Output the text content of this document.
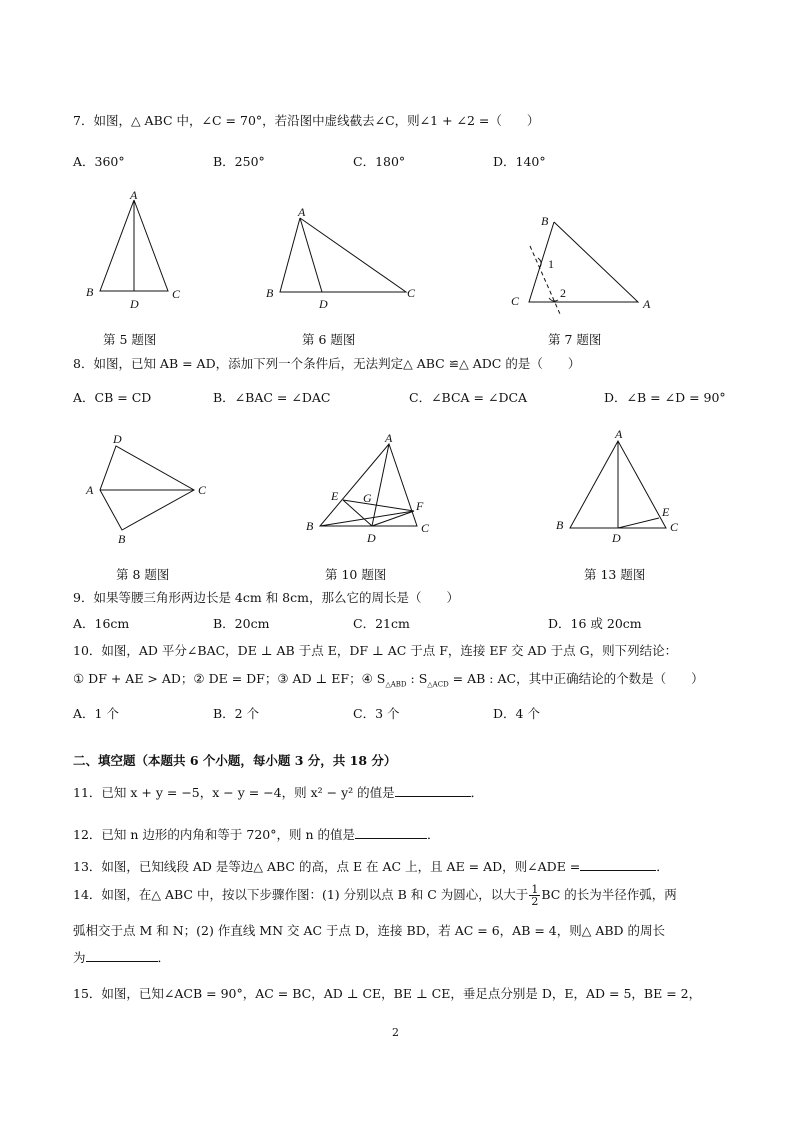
7．如图，△ ABC 中，∠C = 70°，若沿图中虚线截去∠C，则∠1 + ∠2 =（　　）
A．360°	B．250°	C．180°	D．140°
A
B
D
C
第 5 题图
A
B
D
C
第 6 题图
B
1
C
2
A
第 7 题图
8．如图，已知 AB = AD，添加下列一个条件后，无法判定△ ABC ≌△ ADC 的是（　　）
A．CB = CD	B．∠BAC = ∠DAC	C．∠BCA = ∠DCA	D．∠B = ∠D = 90°
D
A	C
B
第 8 题图
A
E G
F
B
D
C
第 10 题图
A
E
B
D
C
第 13 题图
9．如果等腰三角形两边长是 4cm 和 8cm，那么它的周长是（　　）
A．16cm	B．20cm	C．21cm	D．16 或 20cm
10．如图，AD 平分∠BAC，DE ⊥ AB 于点 E，DF ⊥ AC 于点 F，连接 EF 交 AD 于点 G，则下列结论：
① DF + AE > AD；② DE = DF；③ AD ⊥ EF；④ $S_{\triangle ABD}$ : $S_{\triangle ACD}$ = AB : AC，其中正确结论的个数是（　　）
A．1 个	B．2 个	C．3 个	D．4 个
二、填空题（本题共 6 个小题，每小题 3 分，共 18 分）
11．已知 x + y = −5，x − y = −4，则 x² − y² 的值是	．
12．已知 n 边形的内角和等于 720°，则 n 的值是	．
13．如图，已知线段 AD 是等边△ ABC 的高，点 E 在 AC 上，且 AE = AD，则∠ADE =	．
14．如图，在△ ABC 中，按以下步骤作图：(1) 分别以点 B 和 C 为圆心，以大于 $\frac{1}{2}$ BC 的长为半径作弧，两
弧相交于点 M 和 N；(2) 作直线 MN 交 AC 于点 D，连接 BD，若 AC = 6，AB = 4，则△ ABD 的周长
为	．
15．如图，已知∠ACB = 90°，AC = BC，AD ⊥ CE，BE ⊥ CE，垂足点分别是 D，E，AD = 5，BE = 2，
2
